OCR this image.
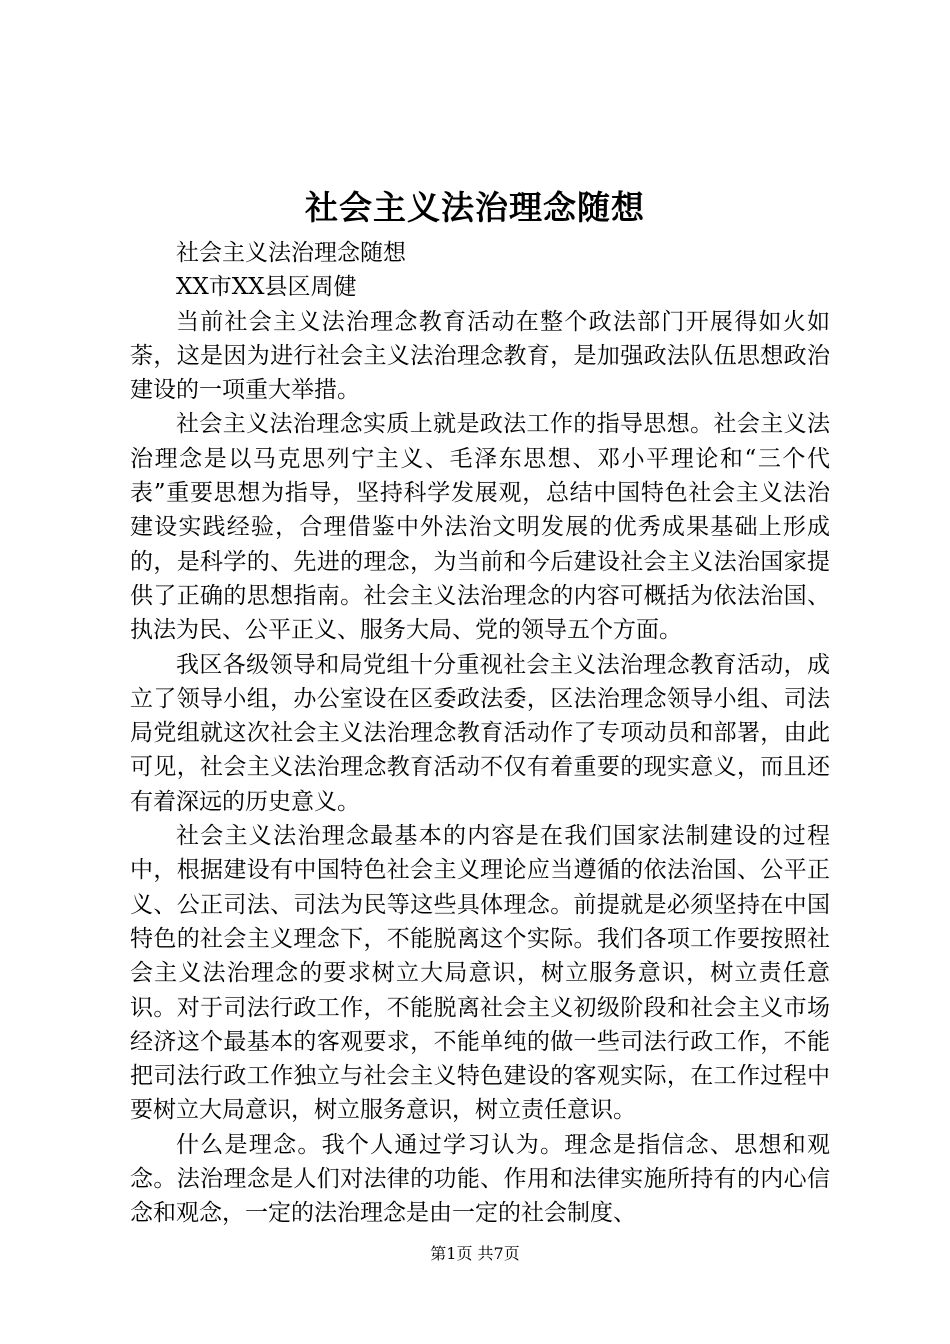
社会主义法治理念随想

社会主义法治理念随想

XX市XX县区周健

当前社会主义法治理念教育活动在整个政法部门开展得如火如荼，这是因为进行社会主义法治理念教育，是加强政法队伍思想政治建设的一项重大举措。

社会主义法治理念实质上就是政法工作的指导思想。社会主义法治理念是以马克思列宁主义、毛泽东思想、邓小平理论和“三个代表”重要思想为指导，坚持科学发展观，总结中国特色社会主义法治建设实践经验，合理借鉴中外法治文明发展的优秀成果基础上形成的，是科学的、先进的理念，为当前和今后建设社会主义法治国家提供了正确的思想指南。社会主义法治理念的内容可概括为依法治国、执法为民、公平正义、服务大局、党的领导五个方面。

我区各级领导和局党组十分重视社会主义法治理念教育活动，成立了领导小组，办公室设在区委政法委，区法治理念领导小组、司法局党组就这次社会主义法治理念教育活动作了专项动员和部署，由此可见，社会主义法治理念教育活动不仅有着重要的现实意义，而且还有着深远的历史意义。

社会主义法治理念最基本的内容是在我们国家法制建设的过程中，根据建设有中国特色社会主义理论应当遵循的依法治国、公平正义、公正司法、司法为民等这些具体理念。前提就是必须坚持在中国特色的社会主义理念下，不能脱离这个实际。我们各项工作要按照社会主义法治理念的要求树立大局意识，树立服务意识，树立责任意识。对于司法行政工作，不能脱离社会主义初级阶段和社会主义市场经济这个最基本的客观要求，不能单纯的做一些司法行政工作，不能把司法行政工作独立与社会主义特色建设的客观实际，在工作过程中要树立大局意识，树立服务意识，树立责任意识。

什么是理念。我个人通过学习认为。理念是指信念、思想和观念。法治理念是人们对法律的功能、作用和法律实施所持有的内心信念和观念，一定的法治理念是由一定的社会制度、

第1页 共7页
